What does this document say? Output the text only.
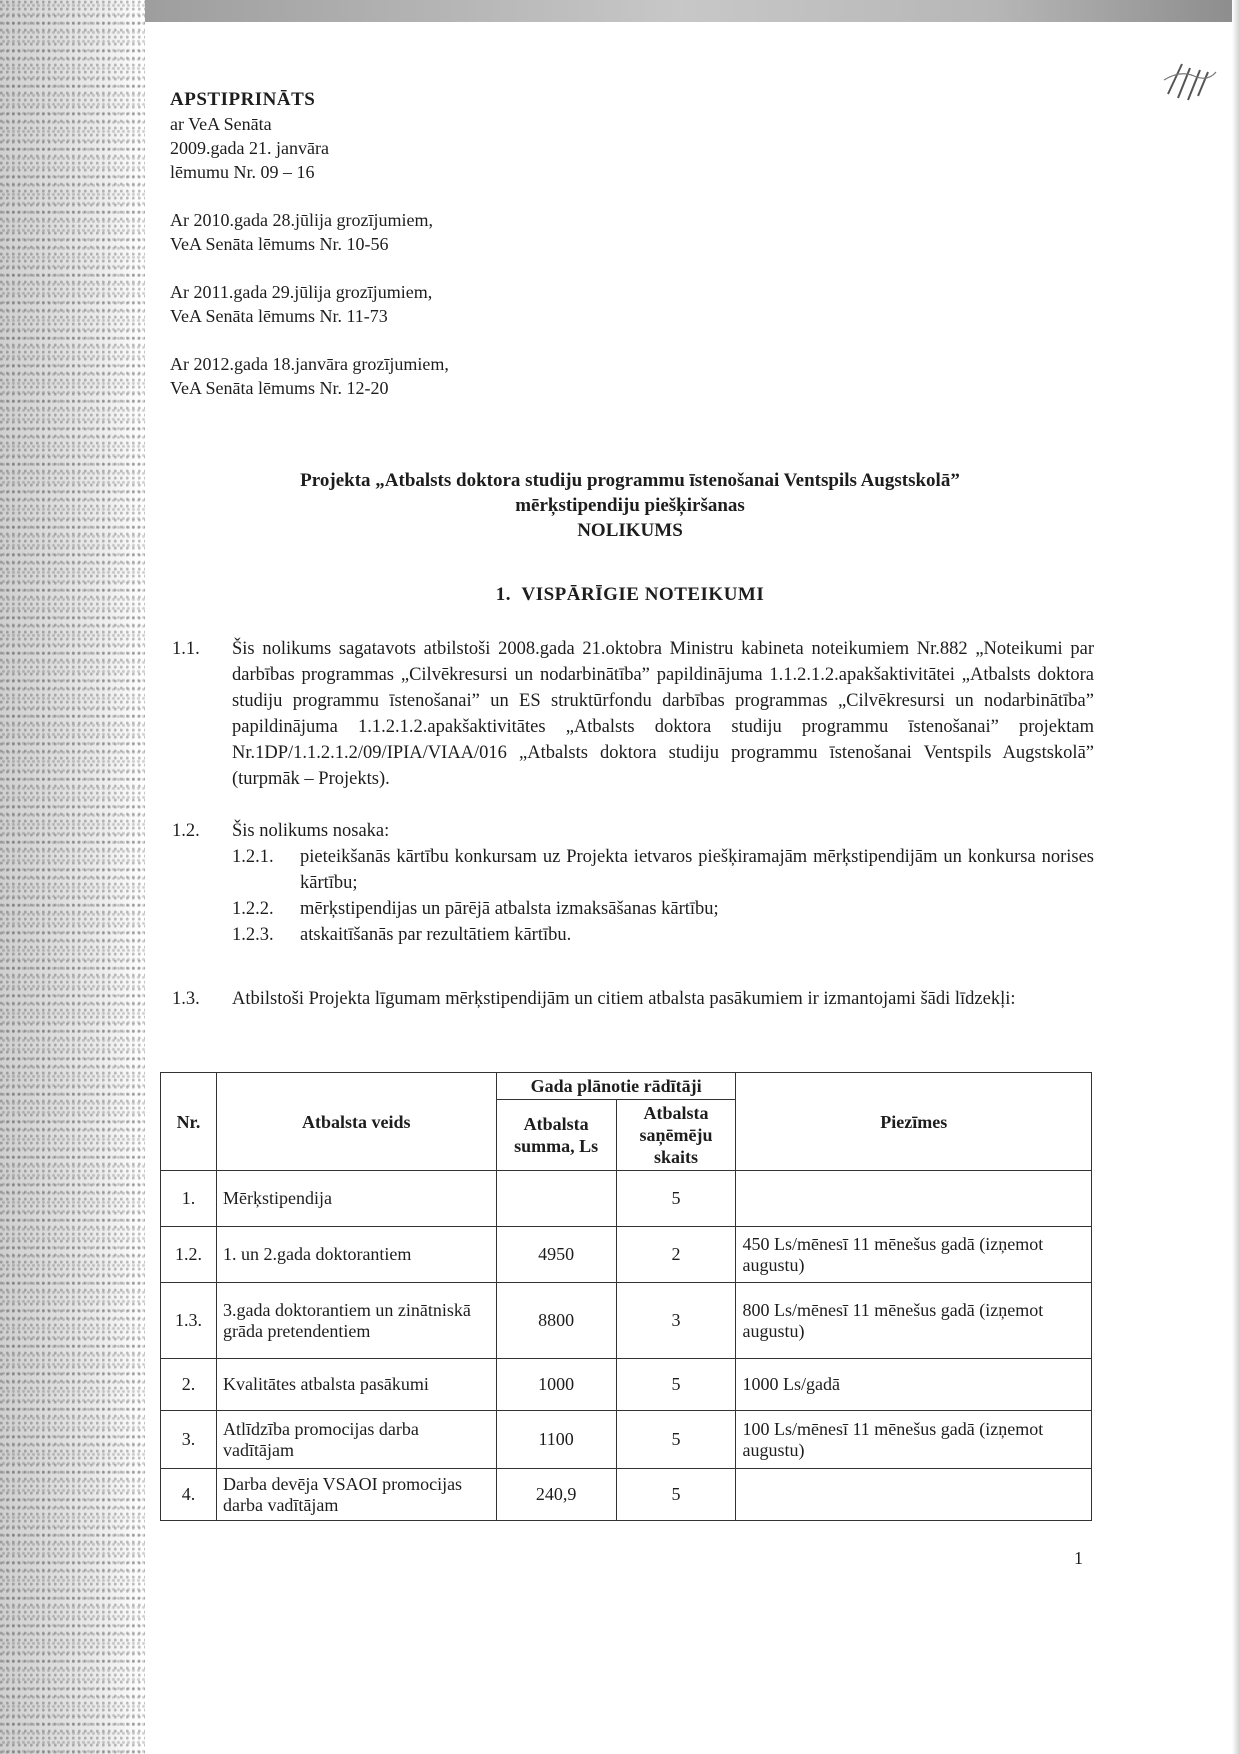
APSTIPRINĀTS
ar VeA Senāta
2009.gada 21. janvāra
lēmumu Nr. 09 – 16
Ar 2010.gada 28.jūlija grozījumiem,
VeA Senāta lēmums Nr. 10-56
Ar 2011.gada 29.jūlija grozījumiem,
VeA Senāta lēmums Nr. 11-73
Ar 2012.gada 18.janvāra grozījumiem,
VeA Senāta lēmums Nr. 12-20
Projekta „Atbalsts doktora studiju programmu īstenošanai Ventspils Augstskolā”
mērķstipendiju piešķiršanas
NOLIKUMS
1. VISPĀRĪGIE NOTEIKUMI
1.1. Šis nolikums sagatavots atbilstoši 2008.gada 21.oktobra Ministru kabineta noteikumiem Nr.882 „Noteikumi par darbības programmas „Cilvēkresursi un nodarbinātība” papildinājuma 1.1.2.1.2.apakšaktivitātei „Atbalsts doktora studiju programmu īstenošanai” un ES struktūrfondu darbības programmas „Cilvēkresursi un nodarbinātība” papildinājuma 1.1.2.1.2.apakšaktivitātes „Atbalsts doktora studiju programmu īstenošanai” projektam Nr.1DP/1.1.2.1.2/09/IPIA/VIAA/016 „Atbalsts doktora studiju programmu īstenošanai Ventspils Augstskolā” (turpmāk – Projekts).
1.2. Šis nolikums nosaka:
1.2.1. pieteikšanās kārtību konkursam uz Projekta ietvaros piešķiramajām mērķstipendijām un konkursa norises kārtību;
1.2.2. mērķstipendijas un pārējā atbalsta izmaksāšanas kārtību;
1.2.3. atskaitīšanās par rezultātiem kārtību.
1.3. Atbilstoši Projekta līgumam mērķstipendijām un citiem atbalsta pasākumiem ir izmantojami šādi līdzekļi:
Nr.	Atbalsta veids	Gada plānotie rādītāji		Piezīmes
		Atbalsta summa, Ls	Atbalsta saņēmēju skaits	
1.	Mērķstipendija		5	
1.2.	1. un 2.gada doktorantiem	4950	2	450 Ls/mēnesī 11 mēnešus gadā (izņemot augustu)
1.3.	3.gada doktorantiem un zinātniskā grāda pretendentiem	8800	3	800 Ls/mēnesī 11 mēnešus gadā (izņemot augustu)
2.	Kvalitātes atbalsta pasākumi	1000	5	1000 Ls/gadā
3.	Atlīdzība promocijas darba vadītājam	1100	5	100 Ls/mēnesī 11 mēnešus gadā (izņemot augustu)
4.	Darba devēja VSAOI promocijas darba vadītājam	240,9	5	
1
